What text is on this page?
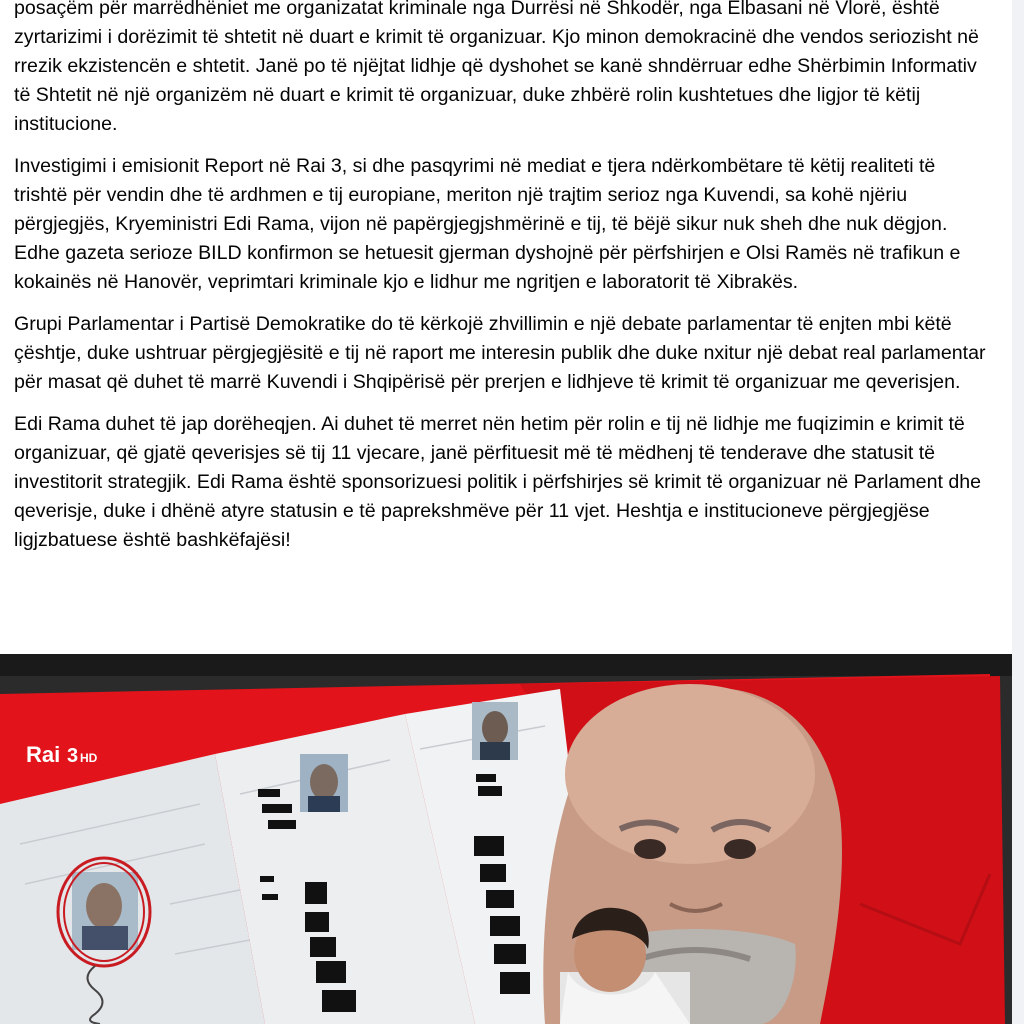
posaçëm për marrëdhëniet me organizatat kriminale nga Durrësi në Shkodër, nga Elbasani në Vlorë, është zyrtarizimi i dorëzimit të shtetit në duart e krimit të organizuar. Kjo minon demokracinë dhe vendos seriozisht në rrezik ekzistencën e shtetit. Janë po të njëjtat lidhje që dyshohet se kanë shndërruar edhe Shërbimin Informativ të Shtetit në një organizëm në duart e krimit të organizuar, duke zhbërë rolin kushtetues dhe ligjor të këtij institucione.

Investigimi i emisionit Report në Rai 3, si dhe pasqyrimi në mediat e tjera ndërkombëtare të këtij realiteti të trishtë për vendin dhe të ardhmen e tij europiane, meriton një trajtim serioz nga Kuvendi, sa kohë njëriu përgjegjës, Kryeministri Edi Rama, vijon në papërgjegjshmërinë e tij, të bëjë sikur nuk sheh dhe nuk dëgjon. Edhe gazeta serioze BILD konfirmon se hetuesit gjerman dyshojnë për përfshirjen e Olsi Ramës në trafikun e kokainës në Hanovër, veprimtari kriminale kjo e lidhur me ngritjen e laboratorit të Xibrakës.

Grupi Parlamentar i Partisë Demokratike do të kërkojë zhvillimin e një debate parlamentar të enjten mbi këtë çështje, duke ushtruar përgjegjësitë e tij në raport me interesin publik dhe duke nxitur një debat real parlamentar për masat që duhet të marrë Kuvendi i Shqipërisë për prerjen e lidhjeve të krimit të organizuar me qeverisjen.

Edi Rama duhet të jap dorëheqjen. Ai duhet të merret nën hetim për rolin e tij në lidhje me fuqizimin e krimit të organizuar, që gjatë qeverisjes së tij 11 vjecare, janë përfituesit më të mëdhenj të tenderave dhe statusit të investitorit strategjik. Edi Rama është sponsorizuesi politik i përfshirjes së krimit të organizuar në Parlament dhe qeverisje, duke i dhënë atyre statusin e të paprekshmëve për 11 vjet. Heshtja e institucioneve përgjegjëse ligjzbatuese është bashkëfajësi!

Rai 3 HD
